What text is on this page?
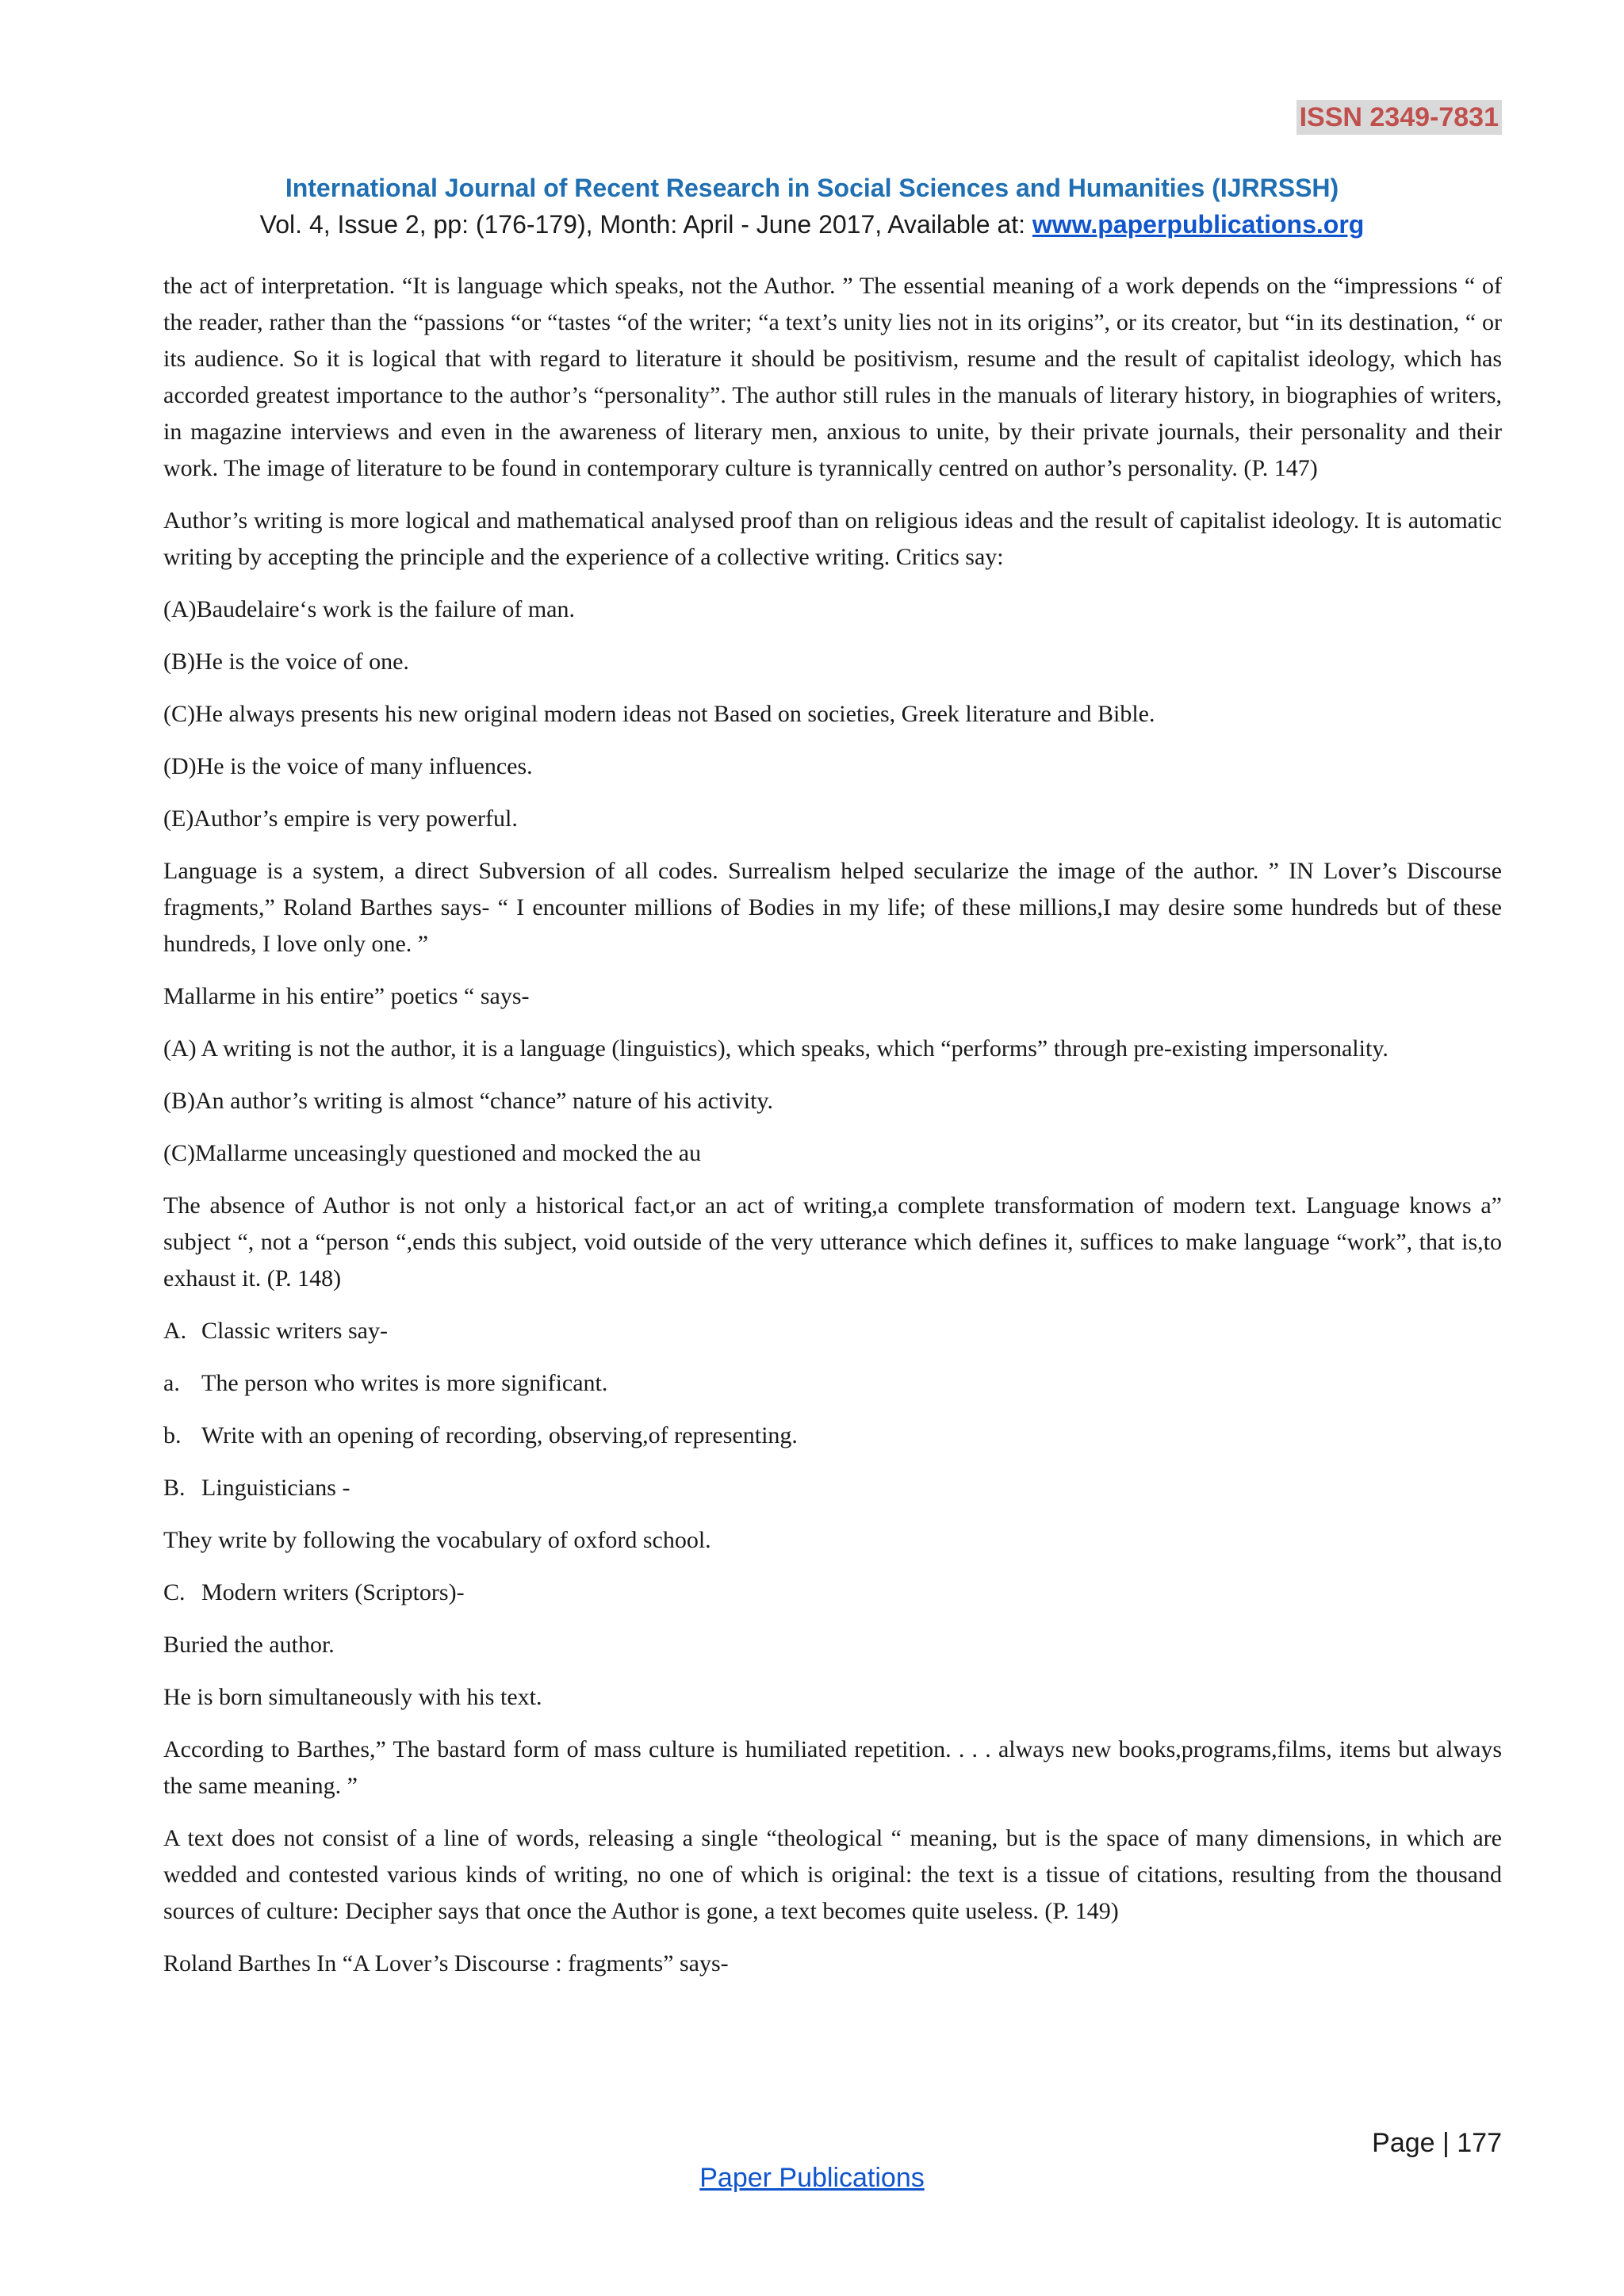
ISSN 2349-7831
International Journal of Recent Research in Social Sciences and Humanities (IJRRSSH)
Vol. 4, Issue 2, pp: (176-179), Month: April - June 2017, Available at: www.paperpublications.org

the act of interpretation. “It is language which speaks, not the Author. ” The essential meaning of a work depends on the “impressions “ of the reader, rather than the “passions “or “tastes “of the writer; “a text’s unity lies not in its origins”, or its creator, but “in its destination, “ or its audience. So it is logical that with regard to literature it should be positivism, resume and the result of capitalist ideology, which has accorded greatest importance to the author’s “personality”. The author still rules in the manuals of literary history, in biographies of writers, in magazine interviews and even in the awareness of literary men, anxious to unite, by their private journals, their personality and their work. The image of literature to be found in contemporary culture is tyrannically centred on author’s personality. (P. 147)

Author’s writing is more logical and mathematical analysed proof than on religious ideas and the result of capitalist ideology. It is automatic writing by accepting the principle and the experience of a collective writing. Critics say:

(A)Baudelaire‘s work is the failure of man.

(B)He is the voice of one.

(C)He always presents his new original modern ideas not Based on societies, Greek literature and Bible.

(D)He is the voice of many influences.

(E)Author’s empire is very powerful.

Language is a system, a direct Subversion of all codes. Surrealism helped secularize the image of the author. ” IN Lover’s Discourse fragments,” Roland Barthes says- “ I encounter millions of Bodies in my life; of these millions,I may desire some hundreds but of these hundreds, I love only one. ”

Mallarme in his entire” poetics “ says-

(A) A writing is not the author, it is a language (linguistics), which speaks, which “performs” through pre-existing impersonality.

(B)An author’s writing is almost “chance” nature of his activity.

(C)Mallarme unceasingly questioned and mocked the au

The absence of Author is not only a historical fact,or an act of writing,a complete transformation of modern text. Language knows a” subject “, not a “person “,ends this subject, void outside of the very utterance which defines it, suffices to make language “work”, that is,to exhaust it. (P. 148)

A. Classic writers say-

a. The person who writes is more significant.

b. Write with an opening of recording, observing,of representing.

B. Linguisticians -

They write by following the vocabulary of oxford school.

C. Modern writers (Scriptors)-

Buried the author.

He is born simultaneously with his text.

According to Barthes,” The bastard form of mass culture is humiliated repetition. . . . always new books,programs,films, items but always the same meaning. ”

A text does not consist of a line of words, releasing a single “theological “ meaning, but is the space of many dimensions, in which are wedded and contested various kinds of writing, no one of which is original: the text is a tissue of citations, resulting from the thousand sources of culture: Decipher says that once the Author is gone, a text becomes quite useless. (P. 149)

Roland Barthes In “A Lover’s Discourse : fragments” says-

Page | 177
Paper Publications
